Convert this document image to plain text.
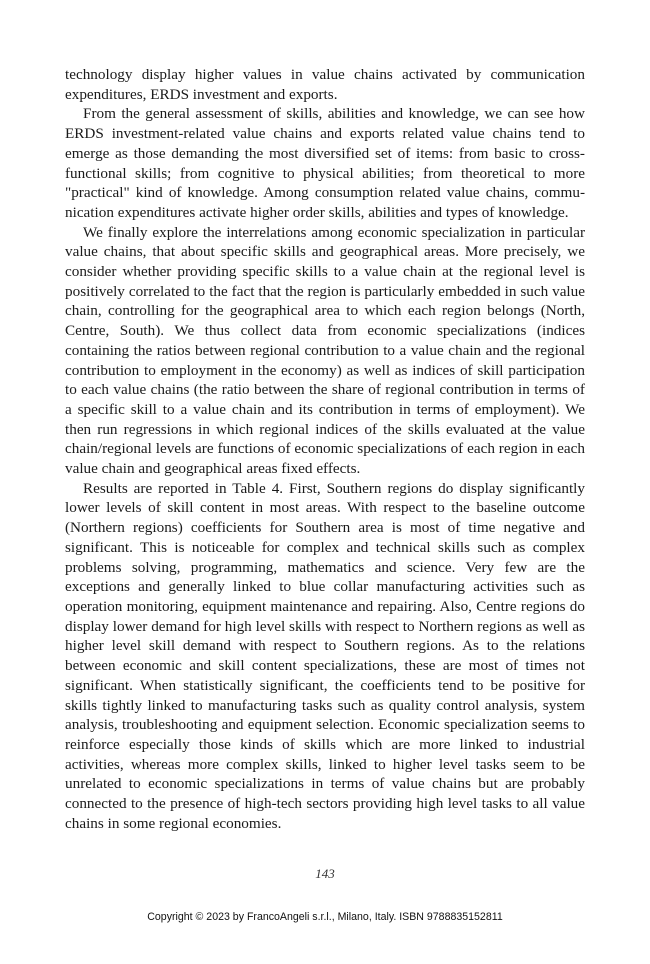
technology display higher values in value chains activated by communication expenditures, ERDS investment and exports.

From the general assessment of skills, abilities and knowledge, we can see how ERDS investment-related value chains and exports related value chains tend to emerge as those demanding the most diversified set of items: from basic to cross-functional skills; from cognitive to physical abilities; from theoretical to more "practical" kind of knowledge. Among consumption related value chains, communication expenditures activate higher order skills, abilities and types of knowledge.

We finally explore the interrelations among economic specialization in particular value chains, that about specific skills and geographical areas. More precisely, we consider whether providing specific skills to a value chain at the regional level is positively correlated to the fact that the region is particularly embedded in such value chain, controlling for the geographical area to which each region belongs (North, Centre, South). We thus collect data from economic specializations (indices containing the ratios between regional contribution to a value chain and the regional contribution to employment in the economy) as well as indices of skill participation to each value chains (the ratio between the share of regional contribution in terms of a specific skill to a value chain and its contribution in terms of employment). We then run regressions in which regional indices of the skills evaluated at the value chain/regional levels are functions of economic specializations of each region in each value chain and geographical areas fixed effects.

Results are reported in Table 4. First, Southern regions do display significantly lower levels of skill content in most areas. With respect to the baseline outcome (Northern regions) coefficients for Southern area is most of time negative and significant. This is noticeable for complex and technical skills such as complex problems solving, programming, mathematics and science. Very few are the exceptions and generally linked to blue collar manufacturing activities such as operation monitoring, equipment maintenance and repairing. Also, Centre regions do display lower demand for high level skills with respect to Northern regions as well as higher level skill demand with respect to Southern regions. As to the relations between economic and skill content specializations, these are most of times not significant. When statistically significant, the coefficients tend to be positive for skills tightly linked to manufacturing tasks such as quality control analysis, system analysis, troubleshooting and equipment selection. Economic specialization seems to reinforce especially those kinds of skills which are more linked to industrial activities, whereas more complex skills, linked to higher level tasks seem to be unrelated to economic specializations in terms of value chains but are probably connected to the presence of high-tech sectors providing high level tasks to all value chains in some regional economies.

143
Copyright © 2023 by FrancoAngeli s.r.l., Milano, Italy. ISBN 9788835152811
